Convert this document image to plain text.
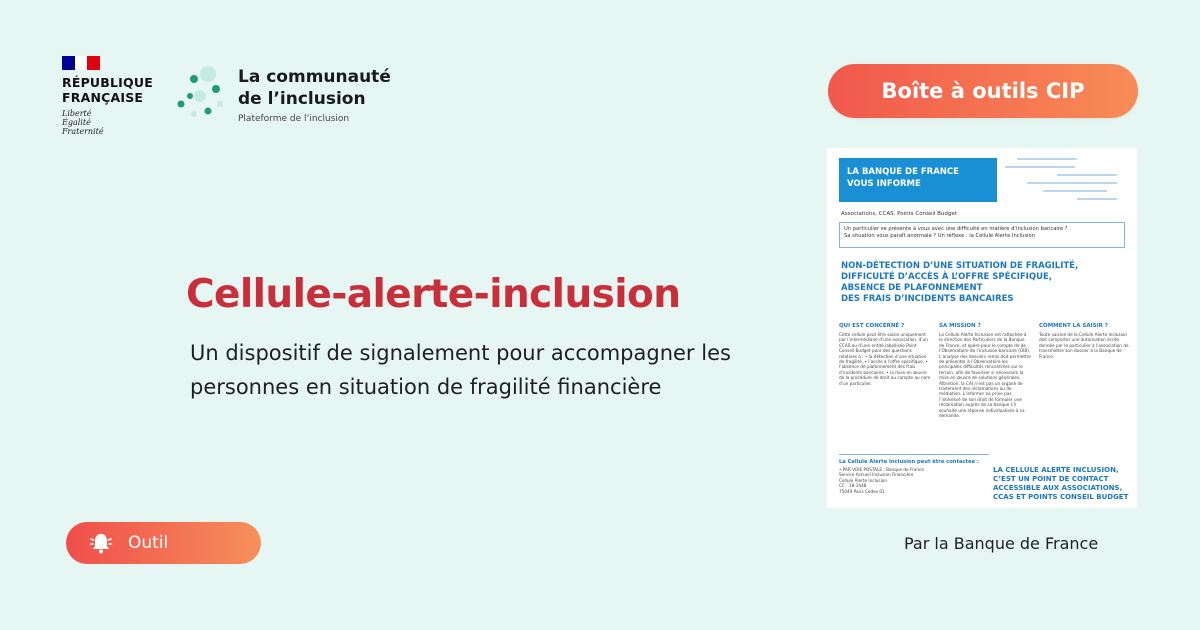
RÉPUBLIQUE
FRANÇAISE
Liberté
Égalité
Fraternité
La communauté
de l’inclusion
Plateforme de l’inclusion
Boîte à outils CIP
Cellule-alerte-inclusion
Un dispositif de signalement pour accompagner les personnes en situation de fragilité financière
LA BANQUE DE FRANCE
VOUS INFORME
Associations, CCAS, Points Conseil Budget
Un particulier se présente à vous avec une difficulté en matière d’inclusion bancaire ?
Sa situation vous paraît anormale ? Un réflexe : la Cellule Alerte Inclusion
NON-DÉTECTION D’UNE SITUATION DE FRAGILITÉ,
DIFFICULTÉ D’ACCÈS À L’OFFRE SPÉCIFIQUE,
ABSENCE DE PLAFONNEMENT
DES FRAIS D’INCIDENTS BANCAIRES
QUI EST CONCERNÉ ?
Cette cellule peut être saisie uniquement par l’intermédiaire d’une association, d’un CCAS ou d’une entité labellisée Point Conseil Budget pour des questions relatives à : • la détection d’une situation de fragilité, • l’accès à l’offre spécifique, • l’absence de plafonnement des frais d’incidents bancaires, • la mise en œuvre de la procédure de droit au compte au nom d’un particulier.
SA MISSION ?
La Cellule Alerte Inclusion est rattachée à la direction des Particuliers de la Banque de France, et opère pour le compte de de l’Observatoire de l’inclusion bancaire (OIB). L’analyse des dossiers remis doit permettre de présenter à l’Observatoire les principales difficultés rencontrées sur le terrain, afin de favoriser si nécessaire la mise en œuvre de solutions générales. Attention, la CAI n’est pas un organe de traitement des réclamations ou de médiation. L’informer ne prive pas l’intéressé de son droit de formuler une réclamation auprès de sa banque s’il souhaite une réponse individualisée à sa demande.
COMMENT LA SAISIR ?
Toute saisine de la Cellule Alerte Inclusion doit comporter une autorisation écrite donnée par le particulier à l’association de transmettre son dossier à la Banque de France.
La Cellule Alerte Inclusion peut être contactée :
• PAR VOIE POSTALE : Banque de France
Service Accueil Inclusion Financière
Cellule Alerte Inclusion
CC : 18-1448
75049 Paris Cedex 01
LA CELLULE ALERTE INCLUSION,
C’EST UN POINT DE CONTACT
ACCESSIBLE AUX ASSOCIATIONS,
CCAS ET POINTS CONSEIL BUDGET
Outil	Par la Banque de France
